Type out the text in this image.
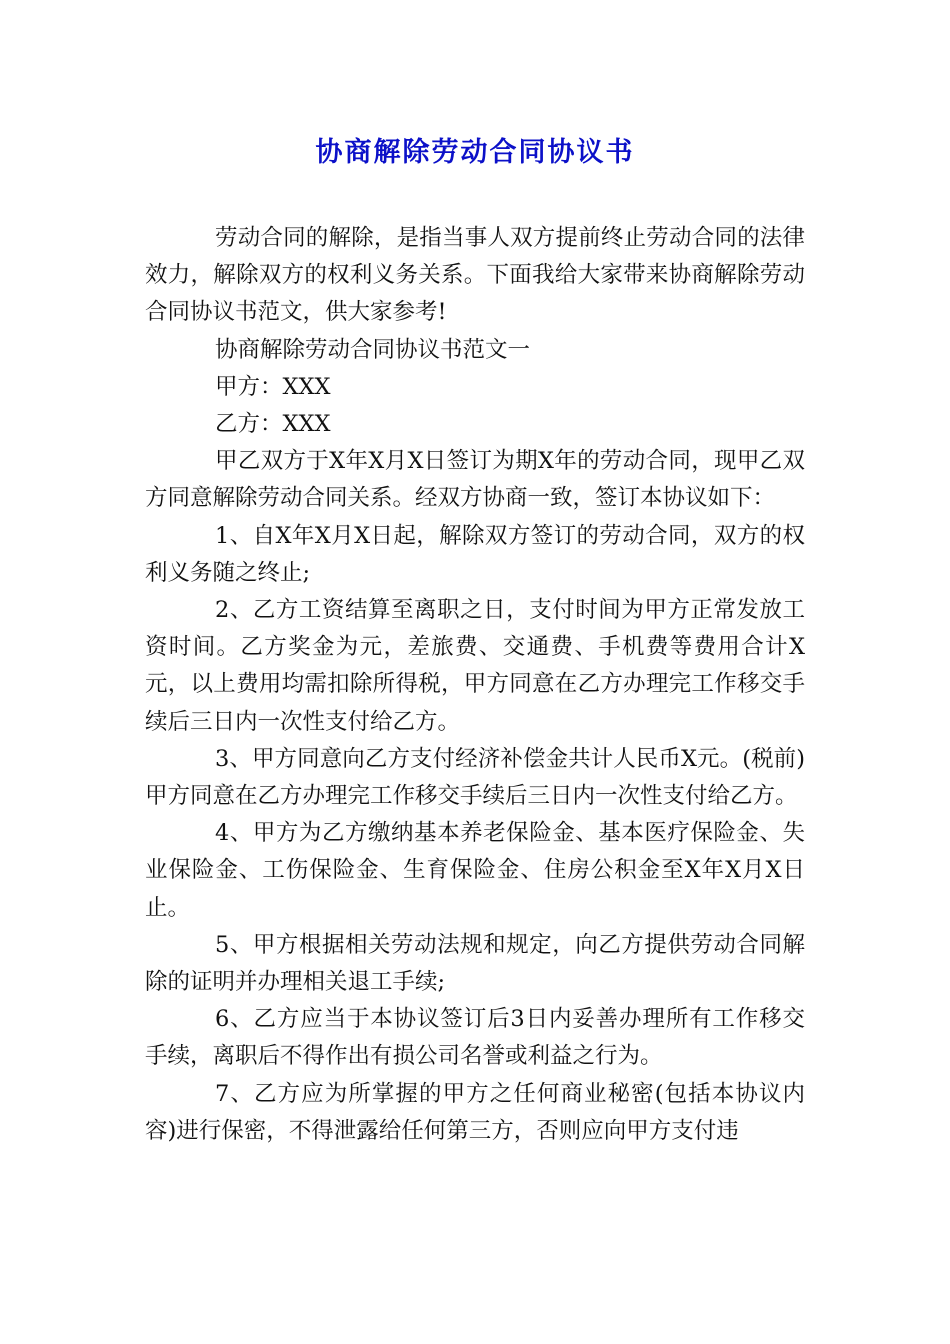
协商解除劳动合同协议书

劳动合同的解除，是指当事人双方提前终止劳动合同的法律效力，解除双方的权利义务关系。下面我给大家带来协商解除劳动合同协议书范文，供大家参考!

协商解除劳动合同协议书范文一

甲方：XXX

乙方：XXX

甲乙双方于X年X月X日签订为期X年的劳动合同，现甲乙双方同意解除劳动合同关系。经双方协商一致，签订本协议如下：

1、自X年X月X日起，解除双方签订的劳动合同，双方的权利义务随之终止;

2、乙方工资结算至离职之日，支付时间为甲方正常发放工资时间。乙方奖金为元，差旅费、交通费、手机费等费用合计X元，以上费用均需扣除所得税，甲方同意在乙方办理完工作移交手续后三日内一次性支付给乙方。

3、甲方同意向乙方支付经济补偿金共计人民币X元。(税前)甲方同意在乙方办理完工作移交手续后三日内一次性支付给乙方。

4、甲方为乙方缴纳基本养老保险金、基本医疗保险金、失业保险金、工伤保险金、生育保险金、住房公积金至X年X月X日止。

5、甲方根据相关劳动法规和规定，向乙方提供劳动合同解除的证明并办理相关退工手续;

6、乙方应当于本协议签订后3日内妥善办理所有工作移交手续，离职后不得作出有损公司名誉或利益之行为。

7、乙方应为所掌握的甲方之任何商业秘密(包括本协议内容)进行保密，不得泄露给任何第三方，否则应向甲方支付违
